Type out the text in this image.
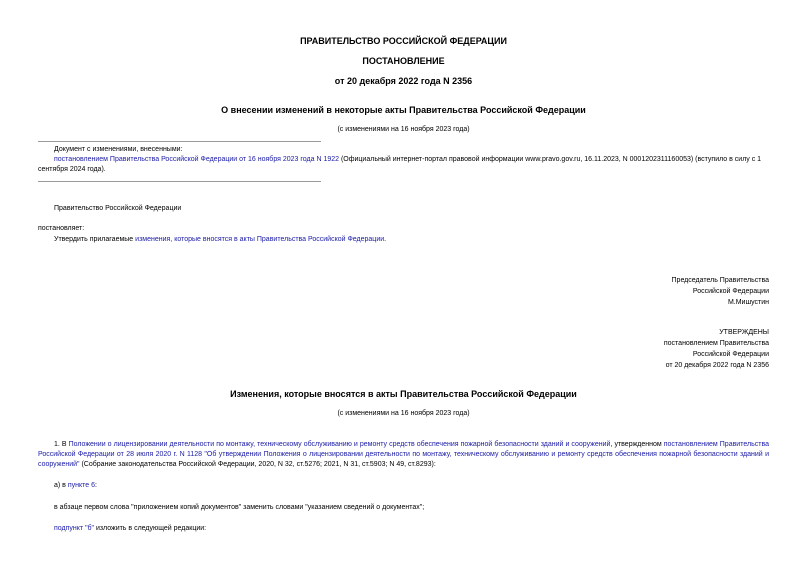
ПРАВИТЕЛЬСТВО РОССИЙСКОЙ ФЕДЕРАЦИИ
ПОСТАНОВЛЕНИЕ
от 20 декабря 2022 года N 2356
О внесении изменений в некоторые акты Правительства Российской Федерации
(с изменениями на 16 ноября 2023 года)
Документ с изменениями, внесенными:
постановлением Правительства Российской Федерации от 16 ноября 2023 года N 1922 (Официальный интернет-портал правовой информации www.pravo.gov.ru, 16.11.2023, N 0001202311160053) (вступило в силу с 1 сентября 2024 года).
Правительство Российской Федерации
постановляет:
Утвердить прилагаемые изменения, которые вносятся в акты Правительства Российской Федерации.
Председатель Правительства
Российской Федерации
М.Мишустин
УТВЕРЖДЕНЫ
постановлением Правительства
Российской Федерации
от 20 декабря 2022 года N 2356
Изменения, которые вносятся в акты Правительства Российской Федерации
(с изменениями на 16 ноября 2023 года)
1. В Положении о лицензировании деятельности по монтажу, техническому обслуживанию и ремонту средств обеспечения пожарной безопасности зданий и сооружений, утвержденном постановлением Правительства Российской Федерации от 28 июля 2020 г. N 1128 "Об утверждении Положения о лицензировании деятельности по монтажу, техническому обслуживанию и ремонту средств обеспечения пожарной безопасности зданий и сооружений" (Собрание законодательства Российской Федерации, 2020, N 32, ст.5276; 2021, N 31, ст.5903; N 49, ст.8293):
а) в пункте 6:
в абзаце первом слова "приложением копий документов" заменить словами "указанием сведений о документах";
подпункт "б" изложить в следующей редакции:
